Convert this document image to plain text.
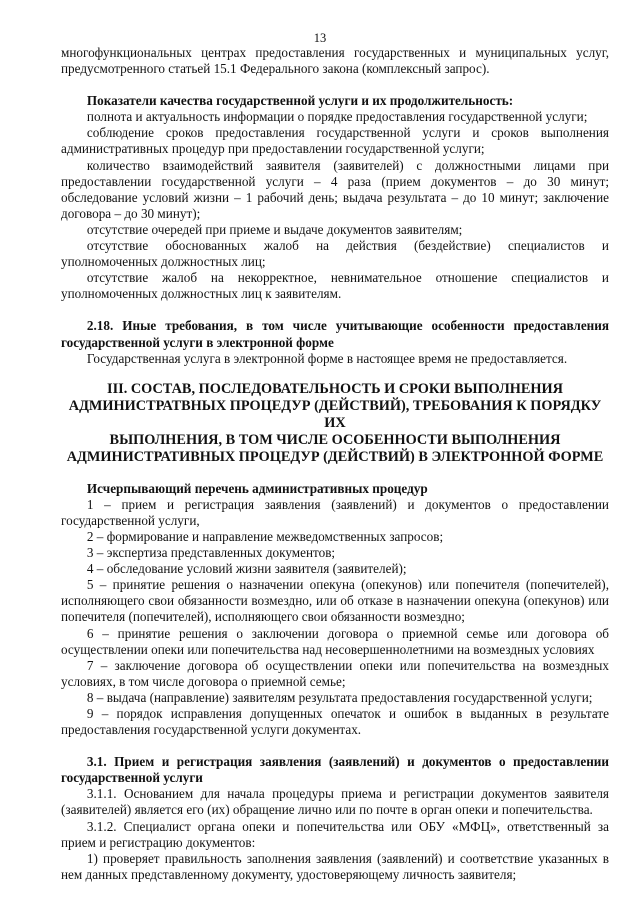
13

многофункциональных центрах предоставления государственных и муниципальных услуг, предусмотренного статьей 15.1 Федерального закона (комплексный запрос).

Показатели качества государственной услуги и их продолжительность:

полнота и актуальность информации о порядке предоставления государственной услуги;

соблюдение сроков предоставления государственной услуги и сроков выполнения административных процедур при предоставлении государственной услуги;

количество взаимодействий заявителя (заявителей) с должностными лицами при предоставлении государственной услуги – 4 раза (прием документов – до 30 минут; обследование условий жизни – 1 рабочий день; выдача результата – до 10 минут; заключение договора – до 30 минут);

отсутствие очередей при приеме и выдаче документов заявителям;

отсутствие обоснованных жалоб на действия (бездействие) специалистов и уполномоченных должностных лиц;

отсутствие жалоб на некорректное, невнимательное отношение специалистов и уполномоченных должностных лиц к заявителям.

2.18. Иные требования, в том числе учитывающие особенности предоставления государственной услуги в электронной форме

Государственная услуга в электронной форме в настоящее время не предоставляется.

III. СОСТАВ, ПОСЛЕДОВАТЕЛЬНОСТЬ И СРОКИ ВЫПОЛНЕНИЯ
АДМИНИСТРАТВНЫХ ПРОЦЕДУР (ДЕЙСТВИЙ), ТРЕБОВАНИЯ К ПОРЯДКУ ИХ
ВЫПОЛНЕНИЯ, В ТОМ ЧИСЛЕ ОСОБЕННОСТИ ВЫПОЛНЕНИЯ
АДМИНИСТРАТИВНЫХ ПРОЦЕДУР (ДЕЙСТВИЙ) В ЭЛЕКТРОННОЙ ФОРМЕ

Исчерпывающий перечень административных процедур

1 – прием и регистрация заявления (заявлений) и документов о предоставлении государственной услуги,

2 – формирование и направление межведомственных запросов;

3 – экспертиза представленных документов;

4 – обследование условий жизни заявителя (заявителей);

5 – принятие решения о назначении опекуна (опекунов) или попечителя (попечителей), исполняющего свои обязанности возмездно, или об отказе в назначении опекуна (опекунов) или попечителя (попечителей), исполняющего свои обязанности возмездно;

6 – принятие решения о заключении договора о приемной семье или договора об осуществлении опеки или попечительства над несовершеннолетними на возмездных условиях

7 – заключение договора об осуществлении опеки или попечительства на возмездных условиях, в том числе договора о приемной семье;

8 – выдача (направление) заявителям результата предоставления государственной услуги;

9 – порядок исправления допущенных опечаток и ошибок в выданных в результате предоставления государственной услуги документах.

3.1. Прием и регистрация заявления (заявлений) и документов о предоставлении государственной услуги

3.1.1. Основанием для начала процедуры приема и регистрации документов заявителя (заявителей) является его (их) обращение лично или по почте в орган опеки и попечительства.

3.1.2. Специалист органа опеки и попечительства или ОБУ «МФЦ», ответственный за прием и регистрацию документов:

1) проверяет правильность заполнения заявления (заявлений) и соответствие указанных в нем данных представленному документу, удостоверяющему личность заявителя;
